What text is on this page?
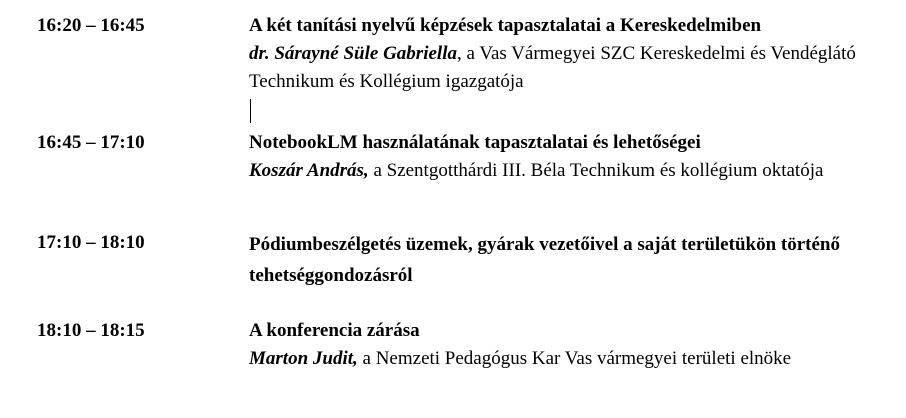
16:20 – 16:45	A két tanítási nyelvű képzések tapasztalatai a Kereskedelmiben
dr. Sárayné Süle Gabriella, a Vas Vármegyei SZC Kereskedelmi és Vendéglátó Technikum és Kollégium igazgatója
16:45 – 17:10	NotebookLM használatának tapasztalatai és lehetőségei
Koszár András, a Szentgotthárdi III. Béla Technikum és kollégium oktatója
17:10 – 18:10	Pódiumbeszélgetés üzemek, gyárak vezetőivel a saját területükön történő tehetséggondozásról
18:10 – 18:15	A konferencia zárása
Marton Judit, a Nemzeti Pedagógus Kar Vas vármegyei területi elnöke
